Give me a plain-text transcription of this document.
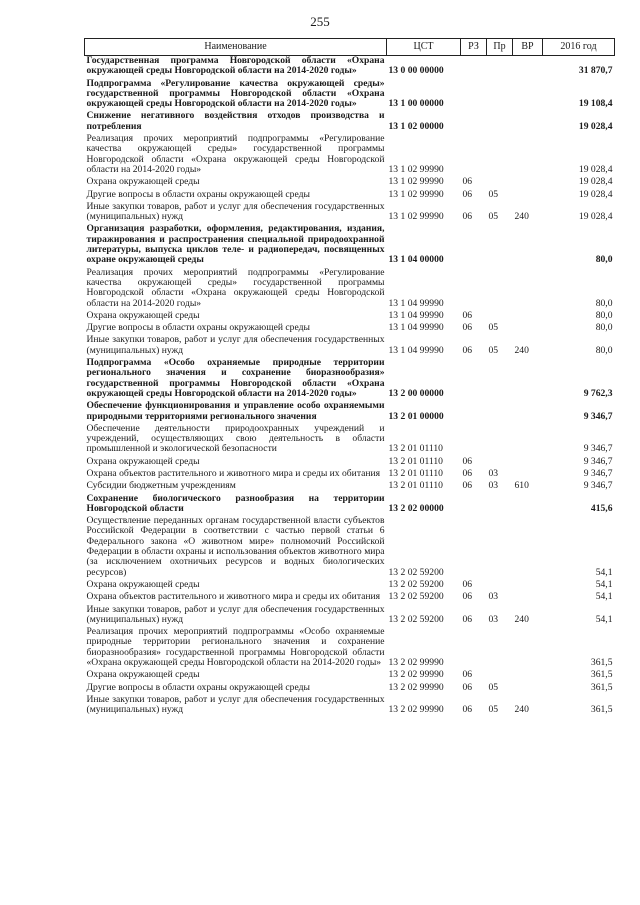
255
Наименование	ЦСТ	РЗ	Пр	ВР	2016 год
Государственная программа Новгородской области «Охрана окружающей среды Новгородской области на 2014-2020 годы»	13 0 00 00000				31 870,7
Подпрограмма «Регулирование качества окружающей среды» государственной программы Новгородской области «Охрана окружающей среды Новгородской области на 2014-2020 годы»	13 1 00 00000				19 108,4
Снижение негативного воздействия отходов производства и потребления	13 1 02 00000				19 028,4
Реализация прочих мероприятий подпрограммы «Регулирование качества окружающей среды» государственной программы Новгородской области «Охрана окружающей среды Новгородской области на 2014-2020 годы»	13 1 02 99990				19 028,4
Охрана окружающей среды	13 1 02 99990	06			19 028,4
Другие вопросы в области охраны окружающей среды	13 1 02 99990	06	05		19 028,4
Иные закупки товаров, работ и услуг для обеспечения государственных (муниципальных) нужд	13 1 02 99990	06	05	240	19 028,4
Организация разработки, оформления, редактирования, издания, тиражирования и распространения специальной природоохранной литературы, выпуска циклов теле- и радиопередач, посвященных охране окружающей среды	13 1 04 00000				80,0
Реализация прочих мероприятий подпрограммы «Регулирование качества окружающей среды» государственной программы Новгородской области «Охрана окружающей среды Новгородской области на 2014-2020 годы»	13 1 04 99990				80,0
Охрана окружающей среды	13 1 04 99990	06			80,0
Другие вопросы в области охраны окружающей среды	13 1 04 99990	06	05		80,0
Иные закупки товаров, работ и услуг для обеспечения государственных (муниципальных) нужд	13 1 04 99990	06	05	240	80,0
Подпрограмма «Особо охраняемые природные территории регионального значения и сохранение биоразнообразия» государственной программы Новгородской области «Охрана окружающей среды Новгородской области на 2014-2020 годы»	13 2 00 00000				9 762,3
Обеспечение функционирования и управление особо охраняемыми природными территориями регионального значения	13 2 01 00000				9 346,7
Обеспечение деятельности природоохранных учреждений и учреждений, осуществляющих свою деятельность в области промышленной и экологической безопасности	13 2 01 01110				9 346,7
Охрана окружающей среды	13 2 01 01110	06			9 346,7
Охрана объектов растительного и животного мира и среды их обитания	13 2 01 01110	06	03		9 346,7
Субсидии бюджетным учреждениям	13 2 01 01110	06	03	610	9 346,7
Сохранение биологического разнообразия на территории Новгородской области	13 2 02 00000				415,6
Осуществление переданных органам государственной власти субъектов Российской Федерации в соответствии с частью первой статьи 6 Федерального закона «О животном мире» полномочий Российской Федерации в области охраны и использования объектов животного мира (за исключением охотничьих ресурсов и водных биологических ресурсов)	13 2 02 59200				54,1
Охрана окружающей среды	13 2 02 59200	06			54,1
Охрана объектов растительного и животного мира и среды их обитания	13 2 02 59200	06	03		54,1
Иные закупки товаров, работ и услуг для обеспечения государственных (муниципальных) нужд	13 2 02 59200	06	03	240	54,1
Реализация прочих мероприятий подпрограммы «Особо охраняемые природные территории регионального значения и сохранение биоразнообразия» государственной программы Новгородской области «Охрана окружающей среды Новгородской области на 2014-2020 годы»	13 2 02 99990				361,5
Охрана окружающей среды	13 2 02 99990	06			361,5
Другие вопросы в области охраны окружающей среды	13 2 02 99990	06	05		361,5
Иные закупки товаров, работ и услуг для обеспечения государственных (муниципальных) нужд	13 2 02 99990	06	05	240	361,5
